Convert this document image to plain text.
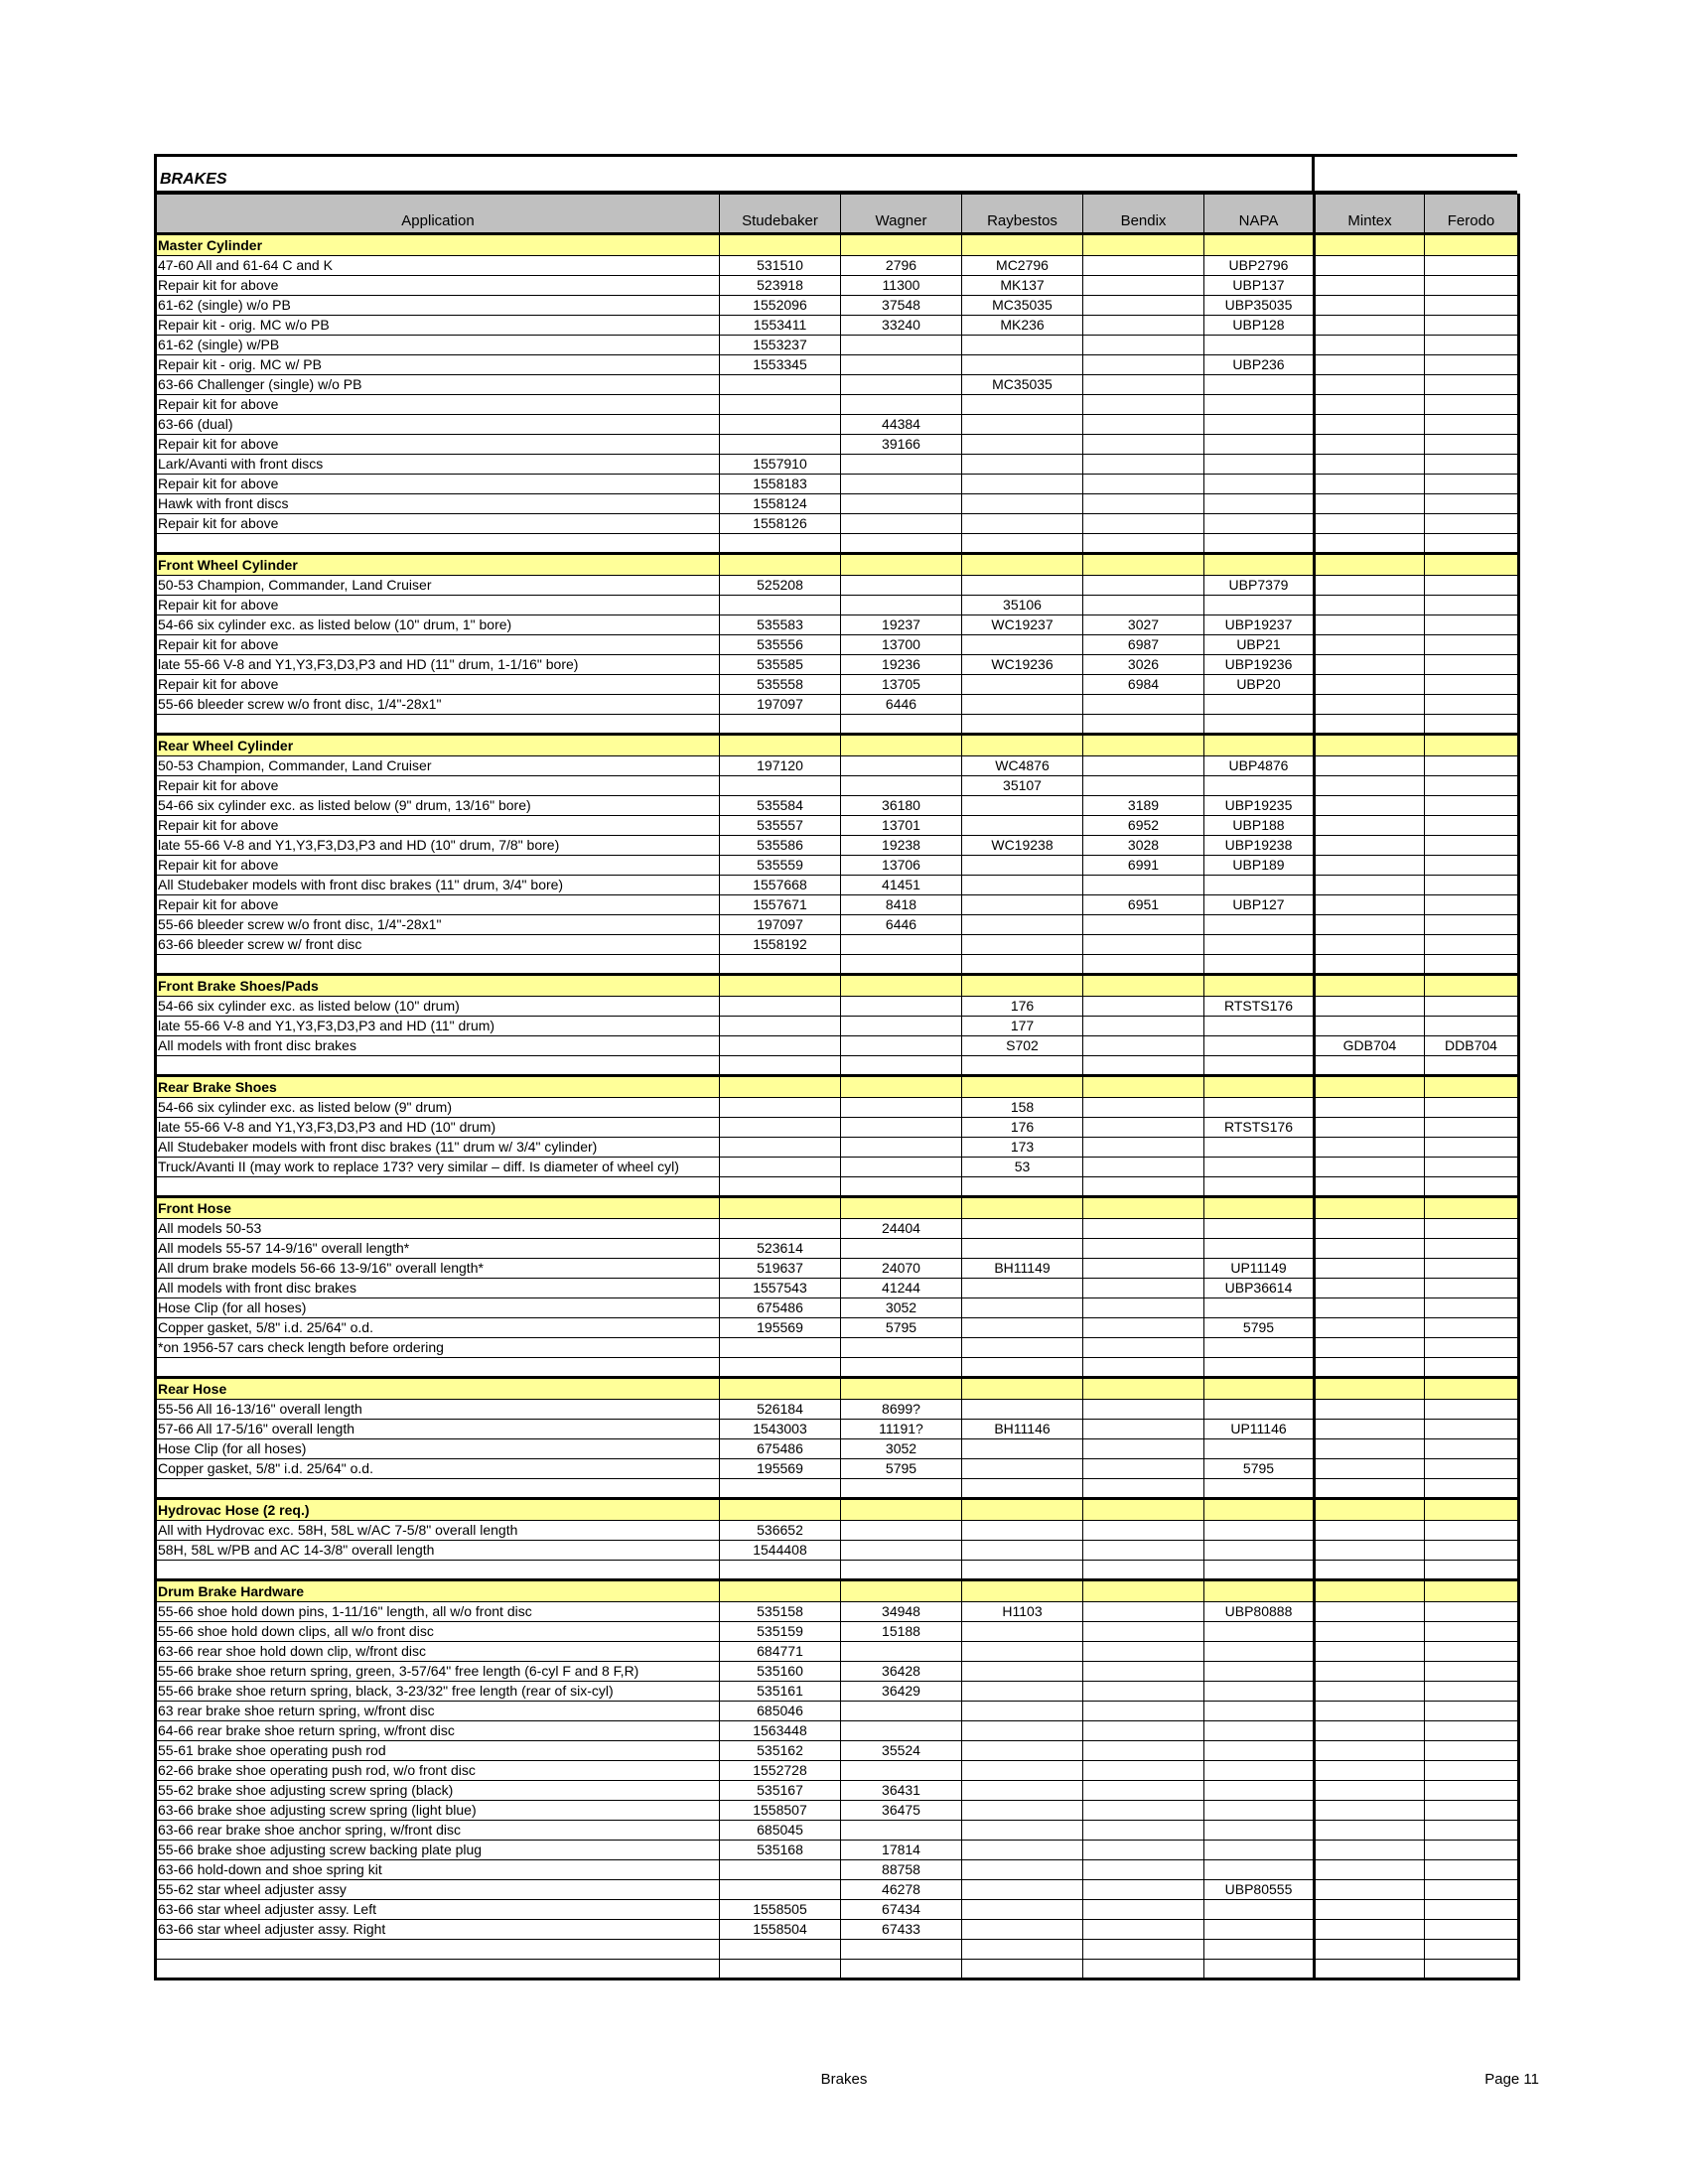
BRAKES
Application	Studebaker	Wagner	Raybestos	Bendix	NAPA	Mintex	Ferodo
Master Cylinder							
47-60 All and 61-64 C and K	531510	2796	MC2796		UBP2796		
Repair kit for above	523918	11300	MK137		UBP137		
61-62 (single) w/o PB	1552096	37548	MC35035		UBP35035		
Repair kit - orig. MC w/o PB	1553411	33240	MK236		UBP128		
61-62 (single) w/PB	1553237						
Repair kit - orig. MC w/ PB	1553345				UBP236		
63-66 Challenger (single) w/o PB			MC35035				
Repair kit for above							
63-66 (dual)		44384					
Repair kit for above		39166					
Lark/Avanti with front discs	1557910						
Repair kit for above	1558183						
Hawk with front discs	1558124						
Repair kit for above	1558126						

Front Wheel Cylinder							
50-53 Champion, Commander, Land Cruiser	525208				UBP7379		
Repair kit for above			35106				
54-66 six cylinder exc. as listed below (10" drum, 1" bore)	535583	19237	WC19237	3027	UBP19237		
Repair kit for above	535556	13700		6987	UBP21		
late 55-66 V-8 and Y1,Y3,F3,D3,P3 and HD (11" drum, 1-1/16" bore)	535585	19236	WC19236	3026	UBP19236		
Repair kit for above	535558	13705		6984	UBP20		
55-66 bleeder screw w/o front disc, 1/4"-28x1"	197097	6446					

Rear Wheel Cylinder							
50-53 Champion, Commander, Land Cruiser	197120		WC4876		UBP4876		
Repair kit for above			35107				
54-66 six cylinder exc. as listed below (9" drum, 13/16" bore)	535584	36180		3189	UBP19235		
Repair kit for above	535557	13701		6952	UBP188		
late 55-66 V-8 and Y1,Y3,F3,D3,P3 and HD (10" drum, 7/8" bore)	535586	19238	WC19238	3028	UBP19238		
Repair kit for above	535559	13706		6991	UBP189		
All Studebaker models with front disc brakes (11" drum, 3/4" bore)	1557668	41451					
Repair kit for above	1557671	8418		6951	UBP127		
55-66 bleeder screw w/o front disc, 1/4"-28x1"	197097	6446					
63-66 bleeder screw w/ front disc	1558192						

Front Brake Shoes/Pads							
54-66 six cylinder exc. as listed below (10" drum)			176		RTSTS176		
late 55-66 V-8 and Y1,Y3,F3,D3,P3 and HD (11" drum)			177				
All models with front disc brakes			S702			GDB704	DDB704

Rear Brake Shoes							
54-66 six cylinder exc. as listed below (9" drum)			158				
late 55-66 V-8 and Y1,Y3,F3,D3,P3 and HD (10" drum)			176		RTSTS176		
All Studebaker models with front disc brakes (11" drum w/ 3/4" cylinder)			173				
Truck/Avanti II (may work to replace 173? very similar – diff. Is diameter of wheel cyl)			53				

Front Hose							
All models 50-53		24404					
All models 55-57 14-9/16" overall length*	523614						
All drum brake models 56-66 13-9/16" overall length*	519637	24070	BH11149		UP11149		
All models with front disc brakes	1557543	41244			UBP36614		
Hose Clip (for all hoses)	675486	3052					
Copper gasket, 5/8" i.d. 25/64" o.d.	195569	5795			5795		
*on 1956-57 cars check length before ordering							

Rear Hose							
55-56 All 16-13/16" overall length	526184	8699?					
57-66 All 17-5/16" overall length	1543003	11191?	BH11146		UP11146		
Hose Clip (for all hoses)	675486	3052					
Copper gasket, 5/8" i.d. 25/64" o.d.	195569	5795			5795		

Hydrovac Hose (2 req.)							
All with Hydrovac exc. 58H, 58L w/AC 7-5/8" overall length	536652						
58H, 58L w/PB and AC 14-3/8" overall length	1544408						

Drum Brake Hardware							
55-66 shoe hold down pins, 1-11/16" length, all w/o front disc	535158	34948	H1103		UBP80888		
55-66 shoe hold down clips, all w/o front disc	535159	15188					
63-66 rear shoe hold down clip, w/front disc	684771						
55-66 brake shoe return spring, green, 3-57/64" free length (6-cyl F and 8 F,R)	535160	36428					
55-66 brake shoe return spring, black, 3-23/32" free length (rear of six-cyl)	535161	36429					
63 rear brake shoe return spring, w/front disc	685046						
64-66 rear brake shoe return spring, w/front disc	1563448						
55-61 brake shoe operating push rod	535162	35524					
62-66 brake shoe operating push rod, w/o front disc	1552728						
55-62 brake shoe adjusting screw spring (black)	535167	36431					
63-66 brake shoe adjusting screw spring (light blue)	1558507	36475					
63-66 rear brake shoe anchor spring, w/front disc	685045						
55-66 brake shoe adjusting screw backing plate plug	535168	17814					
63-66 hold-down and shoe spring kit		88758					
55-62 star wheel adjuster assy		46278			UBP80555		
63-66 star wheel adjuster assy. Left	1558505	67434					
63-66 star wheel adjuster assy. Right	1558504	67433					

Brakes	Page 11
